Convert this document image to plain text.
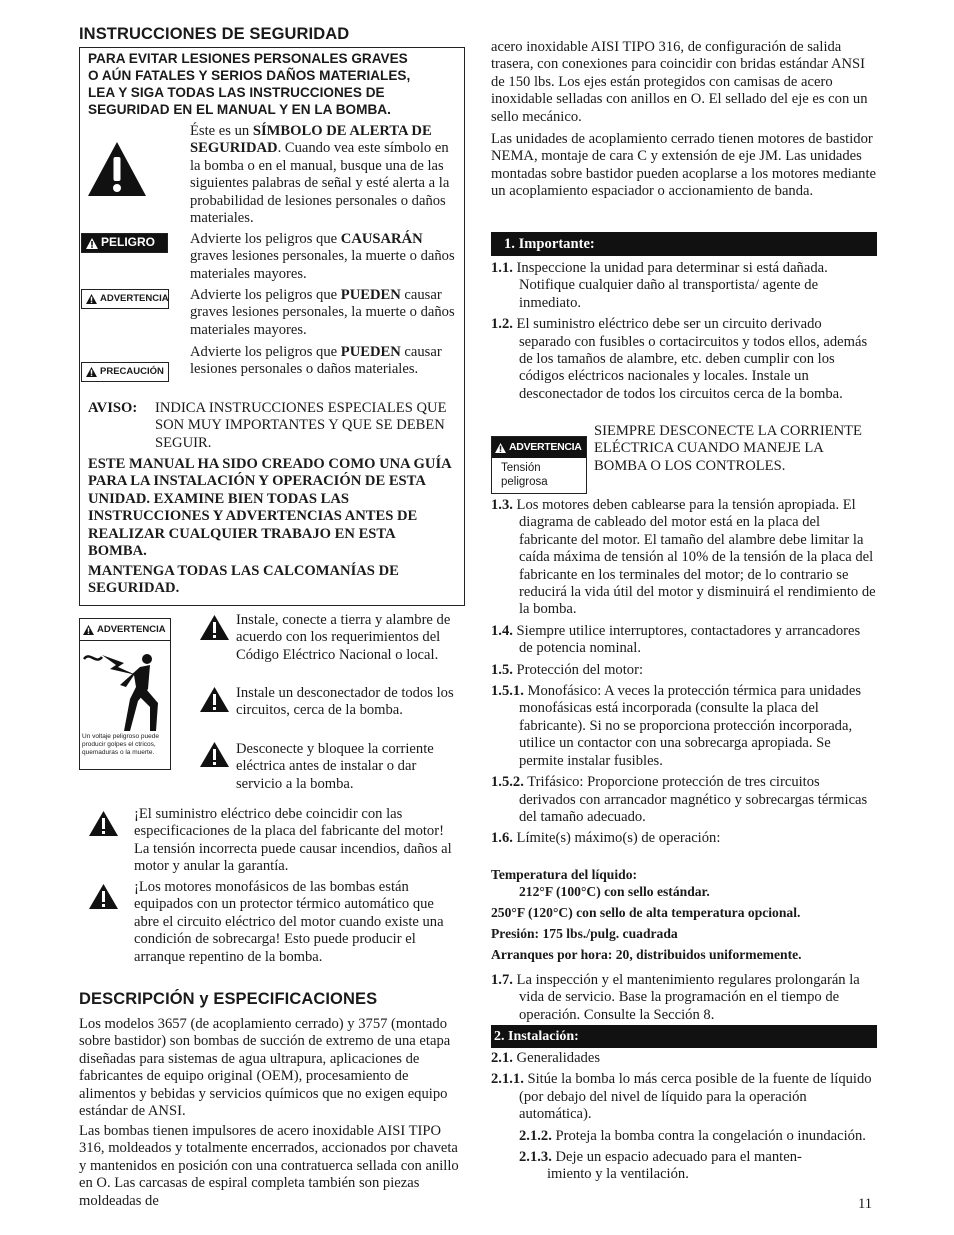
INSTRUCCIONES DE SEGURIDAD
PARA EVITAR LESIONES PERSONALES GRAVES
O AÚN FATALES Y SERIOS DAÑOS MATERIALES,
LEA Y SIGA TODAS LAS INSTRUCCIONES DE
SEGURIDAD EN EL MANUAL Y EN LA BOMBA.
Éste es un SÍMBOLO DE ALERTA DE SEGURIDAD. Cuando vea este símbolo en la bomba o en el manual, busque una de las siguientes palabras de señal y esté alerta a la probabilidad de lesiones personales o daños materiales.
PELIGRO Advierte los peligros que CAUSARÁN graves lesiones personales, la muerte o daños materiales mayores.
ADVERTENCIA Advierte los peligros que PUEDEN causar graves lesiones personales, la muerte o daños materiales mayores.
PRECAUCIÓN
Advierte los peligros que PUEDEN causar lesiones personales o daños materiales.
AVISO: INDICA INSTRUCCIONES ESPECIALES QUE SON MUY IMPORTANTES Y QUE SE DEBEN SEGUIR.
ESTE MANUAL HA SIDO CREADO COMO UNA GUÍA PARA LA INSTALACIÓN Y OPERACIÓN DE ESTA UNIDAD. EXAMINE BIEN TODAS LAS INSTRUCCIONES Y ADVERTENCIAS ANTES DE REALIZAR CUALQUIER TRABAJO EN ESTA BOMBA.
MANTENGA TODAS LAS CALCOMANÍAS DE SEGURIDAD.
ADVERTENCIA
Un voltaje peligroso puede producir golpes el ctricos, quemaduras o la muerte.
Instale, conecte a tierra y alambre de acuerdo con los requerimientos del Código Eléctrico Nacional o local.
Instale un desconectador de todos los circuitos, cerca de la bomba.
Desconecte y bloquee la corriente eléctrica antes de instalar o dar servicio a la bomba.
¡El suministro eléctrico debe coincidir con las especificaciones de la placa del fabricante del motor! La tensión incorrecta puede causar incendios, daños al motor y anular la garantía.
¡Los motores monofásicos de las bombas están equipados con un protector térmico automático que abre el circuito eléctrico del motor cuando existe una condición de sobrecarga! Esto puede producir el arranque repentino de la bomba.
DESCRIPCIÓN y ESPECIFICACIONES
Los modelos 3657 (de acoplamiento cerrado) y 3757 (montado sobre bastidor) son bombas de succión de extremo de una etapa diseñadas para sistemas de agua ultrapura, aplicaciones de fabricantes de equipo original (OEM), procesamiento de alimentos y bebidas y servicios químicos que no exigen equipo estándar de ANSI.
Las bombas tienen impulsores de acero inoxidable AISI TIPO 316, moldeados y totalmente encerrados, accionados por chaveta y mantenidos en posición con una contratuerca sellada con anillo en O. Las carcasas de espiral completa también son piezas moldeadas de
acero inoxidable AISI TIPO 316, de configuración de salida trasera, con conexiones para coincidir con bridas estándar ANSI de 150 lbs. Los ejes están protegidos con camisas de acero inoxidable selladas con anillos en O. El sellado del eje es con un sello mecánico.
Las unidades de acoplamiento cerrado tienen motores de bastidor NEMA, montaje de cara C y extensión de eje JM. Las unidades montadas sobre bastidor pueden acoplarse a los motores mediante un acoplamiento espaciador o accionamiento de banda.
1. Importante:

1.1. Inspeccione la unidad para determinar si está dañada. Notifique cualquier daño al transportista/ agente de inmediato.

1.2. El suministro eléctrico debe ser un circuito derivado separado con fusibles o cortacircuitos y todos ellos, además de los tamaños de alambre, etc. deben cumplir con los códigos eléctricos nacionales y locales. Instale un desconectador de todos los circuitos cerca de la bomba.

ADVERTENCIA
Tensión peligrosa
SIEMPRE DESCONECTE LA CORRIENTE ELÉCTRICA CUANDO MANEJE LA BOMBA O LOS CONTROLES.

1.3. Los motores deben cablearse para la tensión apropiada. El diagrama de cableado del motor está en la placa del fabricante del motor. El tamaño del alambre debe limitar la caída máxima de tensión al 10% de la tensión de la placa del fabricante en los terminales del motor; de lo contrario se reducirá la vida útil del motor y disminuirá el rendimiento de la bomba.

1.4. Siempre utilice interruptores, contactadores y arrancadores de potencia nominal.

1.5. Protección del motor:

1.5.1. Monofásico: A veces la protección térmica para unidades monofásicas está incorporada (consulte la placa del fabricante). Si no se proporciona protección incorporada, utilice un contactor con una sobrecarga apropiada. Se permite instalar fusibles.

1.5.2. Trifásico: Proporcione protección de tres circuitos derivados con arrancador magnético y sobrecargas térmicas del tamaño adecuado.

1.6. Límite(s) máximo(s) de operación:

Temperatura del líquido:
212°F (100°C) con sello estándar.
250°F (120°C) con sello de alta temperatura opcional.
Presión: 175 lbs./pulg. cuadrada
Arranques por hora: 20, distribuidos uniformemente.

1.7. La inspección y el mantenimiento regulares prolongarán la vida de servicio. Base la programación en el tiempo de operación. Consulte la Sección 8.

2. Instalación:

2.1. Generalidades

2.1.1. Sitúe la bomba lo más cerca posible de la fuente de líquido (por debajo del nivel de líquido para la operación automática).

2.1.2. Proteja la bomba contra la congelación o inundación.

2.1.3. Deje un espacio adecuado para el manten-
imiento y la ventilación.

11
